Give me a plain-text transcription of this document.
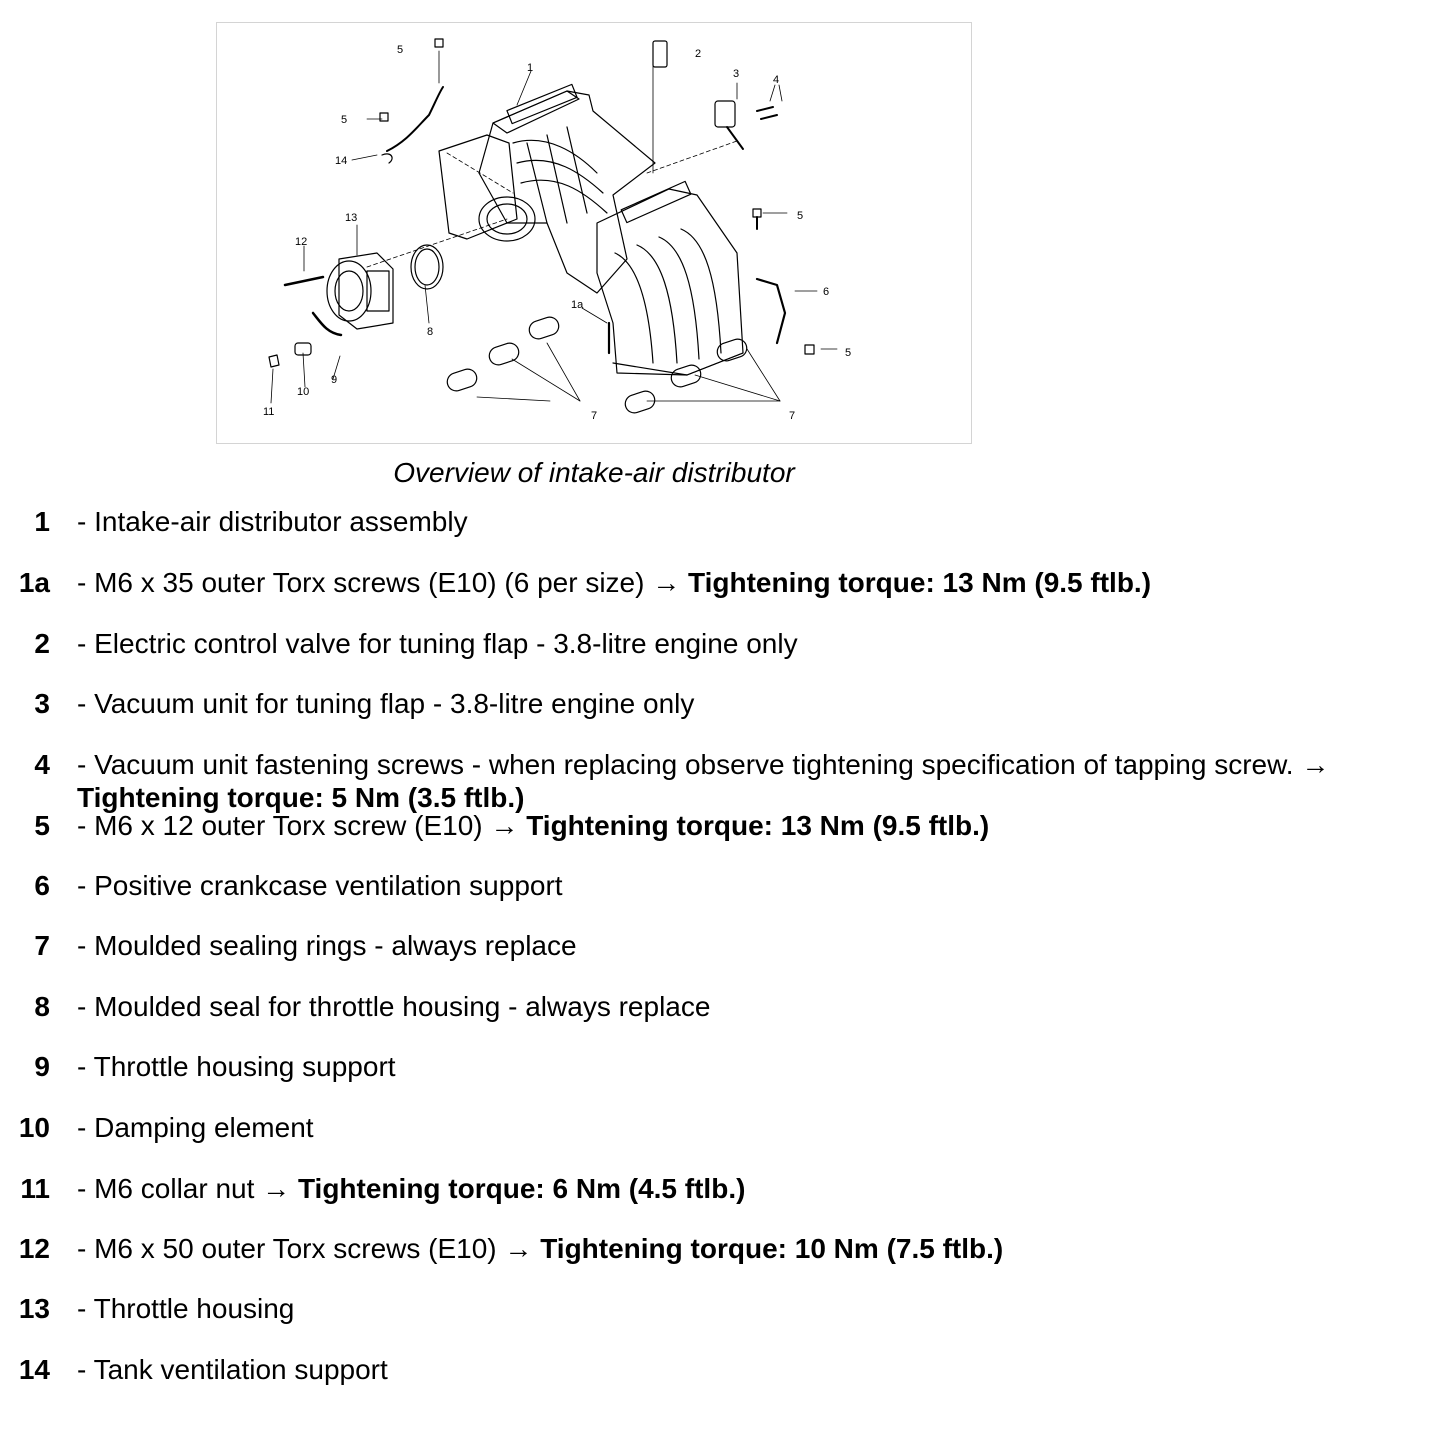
1
1a
2
3	4
5
5
5
5
6
7	7
8
9
10
11
12
13
14
Overview of intake-air distributor
1 - Intake-air distributor assembly
1a - M6 x 35 outer Torx screws (E10) (6 per size) → Tightening torque: 13 Nm (9.5 ftlb.)
2 - Electric control valve for tuning flap - 3.8-litre engine only
3 - Vacuum unit for tuning flap - 3.8-litre engine only
4 - Vacuum unit fastening screws - when replacing observe tightening specification of tapping screw. → Tightening torque: 5 Nm (3.5 ftlb.)
5 - M6 x 12 outer Torx screw (E10) → Tightening torque: 13 Nm (9.5 ftlb.)
6 - Positive crankcase ventilation support
7 - Moulded sealing rings - always replace
8 - Moulded seal for throttle housing - always replace
9 - Throttle housing support
10 - Damping element
11 - M6 collar nut → Tightening torque: 6 Nm (4.5 ftlb.)
12 - M6 x 50 outer Torx screws (E10) → Tightening torque: 10 Nm (7.5 ftlb.)
13 - Throttle housing
14 - Tank ventilation support
